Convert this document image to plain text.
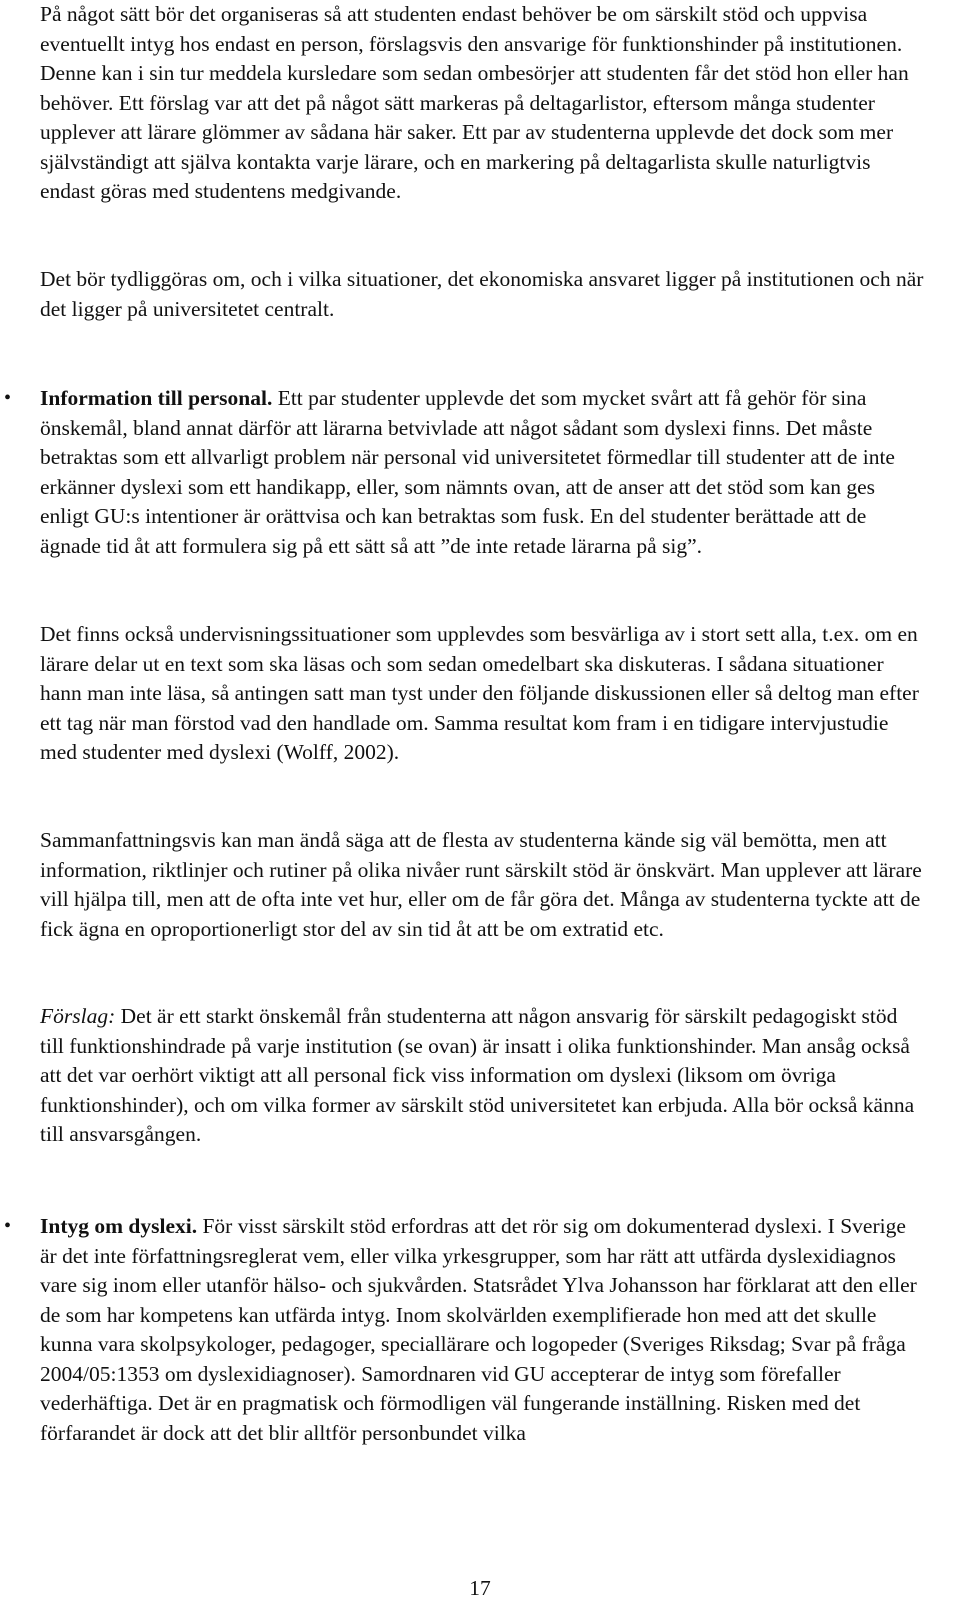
På något sätt bör det organiseras så att studenten endast behöver be om särskilt stöd och uppvisa eventuellt intyg hos endast en person, förslagsvis den ansvarige för funktionshinder på institutionen. Denne kan i sin tur meddela kursledare som sedan ombesörjer att studenten får det stöd hon eller han behöver. Ett förslag var att det på något sätt markeras på deltagarlistor, eftersom många studenter upplever att lärare glömmer av sådana här saker. Ett par av studenterna upplevde det dock som mer självständigt att själva kontakta varje lärare, och en markering på deltagarlista skulle naturligtvis endast göras med studentens medgivande.

Det bör tydliggöras om, och i vilka situationer, det ekonomiska ansvaret ligger på institutionen och när det ligger på universitetet centralt.

• Information till personal. Ett par studenter upplevde det som mycket svårt att få gehör för sina önskemål, bland annat därför att lärarna betvivlade att något sådant som dyslexi finns. Det måste betraktas som ett allvarligt problem när personal vid universitetet förmedlar till studenter att de inte erkänner dyslexi som ett handikapp, eller, som nämnts ovan, att de anser att det stöd som kan ges enligt GU:s intentioner är orättvisa och kan betraktas som fusk. En del studenter berättade att de ägnade tid åt att formulera sig på ett sätt så att ”de inte retade lärarna på sig”.

Det finns också undervisningssituationer som upplevdes som besvärliga av i stort sett alla, t.ex. om en lärare delar ut en text som ska läsas och som sedan omedelbart ska diskuteras. I sådana situationer hann man inte läsa, så antingen satt man tyst under den följande diskussionen eller så deltog man efter ett tag när man förstod vad den handlade om. Samma resultat kom fram i en tidigare intervjustudie med studenter med dyslexi (Wolff, 2002).

Sammanfattningsvis kan man ändå säga att de flesta av studenterna kände sig väl bemötta, men att information, riktlinjer och rutiner på olika nivåer runt särskilt stöd är önskvärt. Man upplever att lärare vill hjälpa till, men att de ofta inte vet hur, eller om de får göra det. Många av studenterna tyckte att de fick ägna en oproportionerligt stor del av sin tid åt att be om extratid etc.

Förslag: Det är ett starkt önskemål från studenterna att någon ansvarig för särskilt pedagogiskt stöd till funktionshindrade på varje institution (se ovan) är insatt i olika funktionshinder. Man ansåg också att det var oerhört viktigt att all personal fick viss information om dyslexi (liksom om övriga funktionshinder), och om vilka former av särskilt stöd universitetet kan erbjuda. Alla bör också känna till ansvarsgången.

• Intyg om dyslexi. För visst särskilt stöd erfordras att det rör sig om dokumenterad dyslexi. I Sverige är det inte författningsreglerat vem, eller vilka yrkesgrupper, som har rätt att utfärda dyslexidiagnos vare sig inom eller utanför hälso- och sjukvården. Statsrådet Ylva Johansson har förklarat att den eller de som har kompetens kan utfärda intyg. Inom skolvärlden exemplifierade hon med att det skulle kunna vara skolpsykologer, pedagoger, speciallärare och logopeder (Sveriges Riksdag; Svar på fråga 2004/05:1353 om dyslexidiagnoser). Samordnaren vid GU accepterar de intyg som förefaller vederhäftiga. Det är en pragmatisk och förmodligen väl fungerande inställning. Risken med det förfarandet är dock att det blir alltför personbundet vilka

17
